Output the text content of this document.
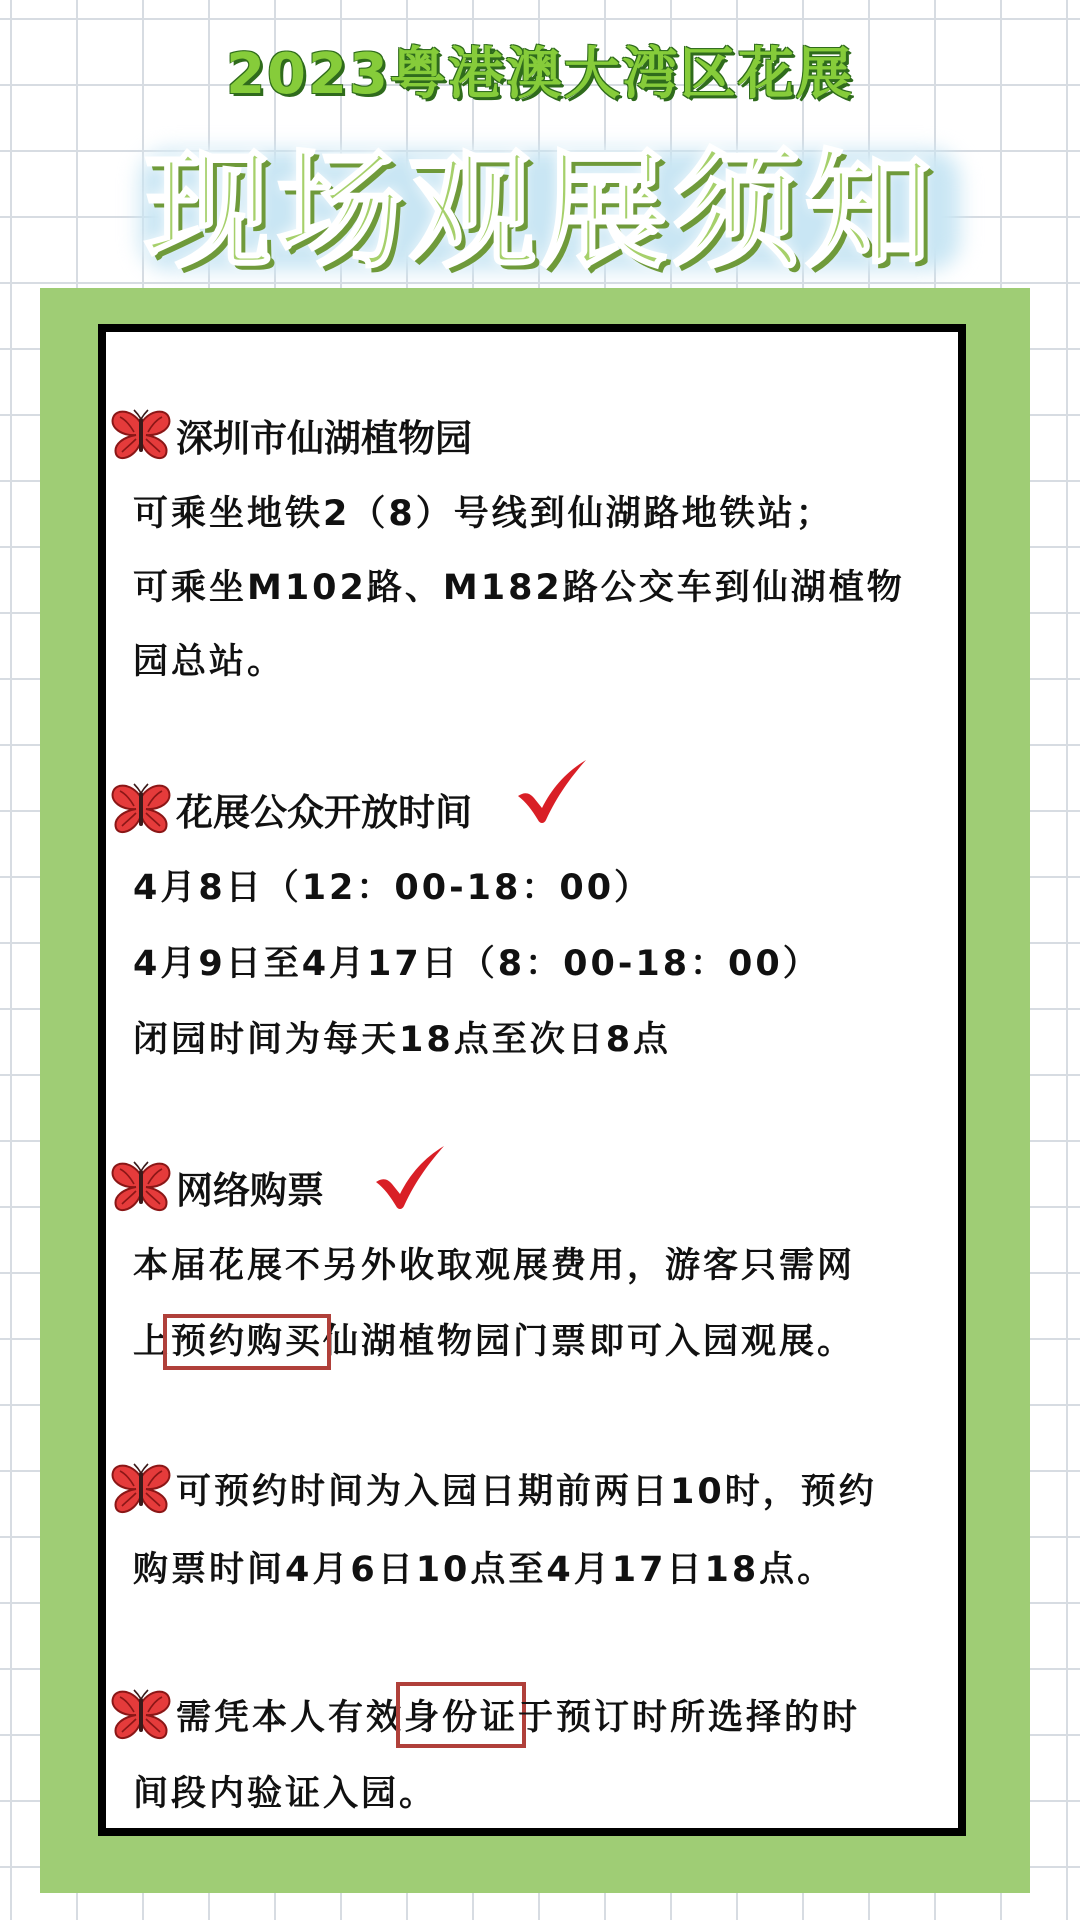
2023粤港澳大湾区花展
现场观展须知
深圳市仙湖植物园
可乘坐地铁2（8）号线到仙湖路地铁站；
可乘坐M102路、M182路公交车到仙湖植物
园总站。
花展公众开放时间
4月8日（12：00-18：00）
4月9日至4月17日（8：00-18：00）
闭园时间为每天18点至次日8点
网络购票
本届花展不另外收取观展费用，游客只需网
上预约购买仙湖植物园门票即可入园观展。
可预约时间为入园日期前两日10时，预约
购票时间4月6日10点至4月17日18点。
需凭本人有效 身份证 于预订时所选择的时
间段内验证入园。
